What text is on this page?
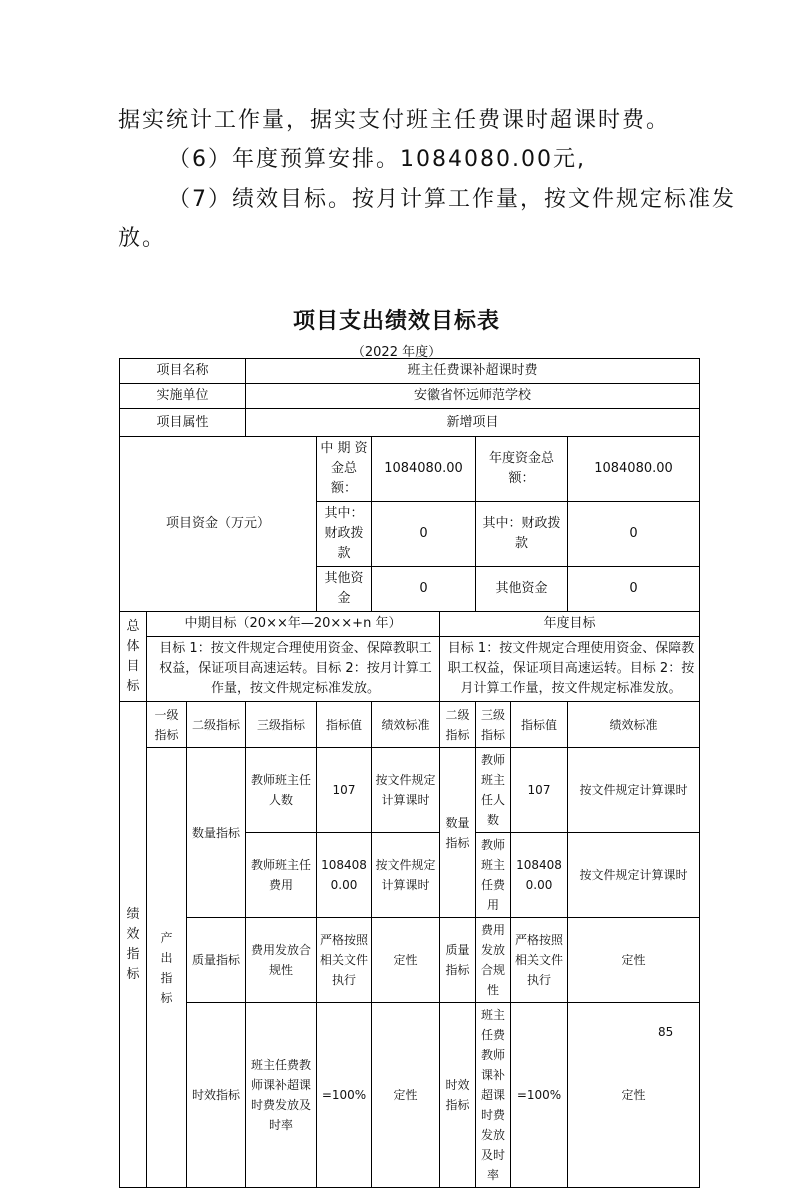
据实统计工作量，据实支付班主任费课时超课时费。
（6）年度预算安排。1084080.00元,
（7）绩效目标。按月计算工作量，按文件规定标准发
放。
项目支出绩效目标表
（2022 年度）
项目名称			班主任费课补超课时费						
实施单位			安徽省怀远师范学校						
项目属性			新增项目						
项目资金（万元）				中 期 资 金总额：	1084080.00		年度资金总额：		1084080.00
				其中：财政拨款	0		其中：财政拨款		0
				其他资金	0		其他资金		0

总体目标	中期目标（20××年—20××+n 年）					年度目标			
	目标 1：按文件规定合理使用资金、保障教职工权益，保证项目高速运转。目标 2：按月计算工作量，按文件规定标准发放。					目标 1：按文件规定合理使用资金、保障教职工权益，保证项目高速运转。目标 2：按月计算工作量，按文件规定标准发放。			

绩效指标	一级指标	二级指标	三级指标	指标值	绩效标准	二级指标	三级指标	指标值	绩效标准

	产出指标	数量指标	教师班主任人数	107	按文件规定计算课时	数量指标	教师班主任人数	107	按文件规定计算课时
			教师班主任费用	1084080.00	按文件规定计算课时		教师班主任费用	1084080.00	按文件规定计算课时
		质量指标	费用发放合规性	严格按照相关文件执行	定性	质量指标	费用发放合规性	严格按照相关文件执行	定性
		时效指标	班主任费教师课补超课时费发放及时率	=100%	定性	时效指标	班主任费教师课补超课时费发放及时率	=100%	定性
85
